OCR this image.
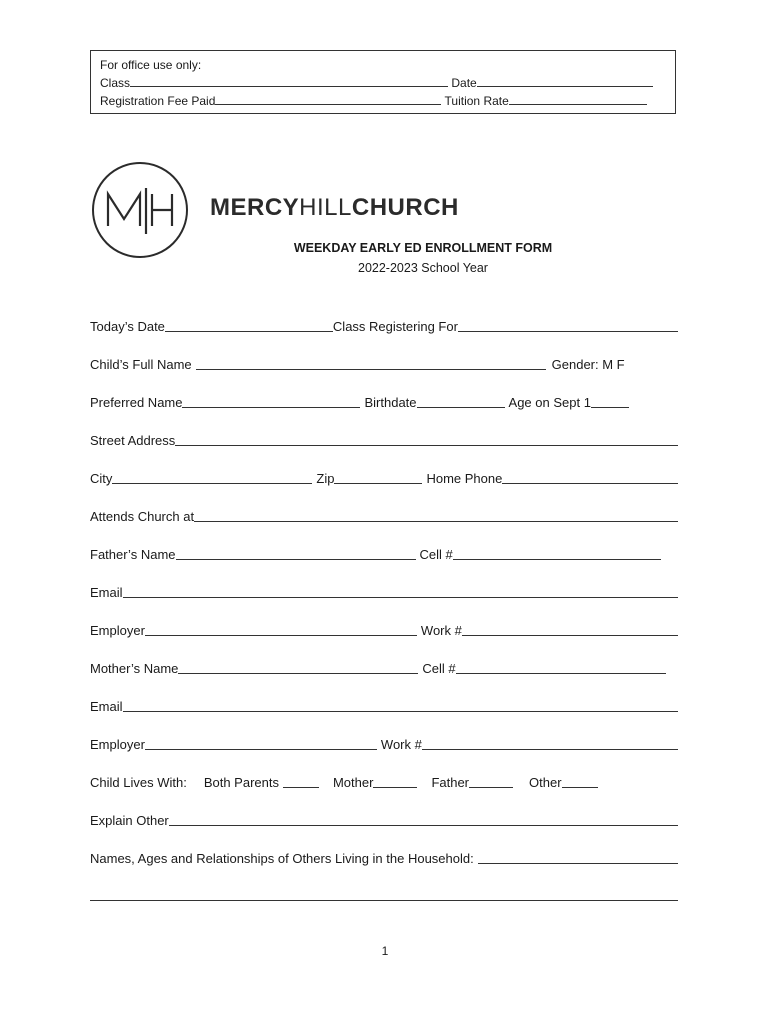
For office use only:
Class	Date
Registration Fee Paid	Tuition Rate
MERCYHILLCHURCH
WEEKDAY EARLY ED ENROLLMENT FORM
2022-2023 School Year
Today’s Date	Class Registering For
Child’s Full Name	Gender: M F
Preferred Name	Birthdate	Age on Sept 1
Street Address
City	Zip	Home Phone
Attends Church at
Father’s Name	Cell #
Email
Employer	Work #
Mother’s Name	Cell #
Email
Employer	Work #
Child Lives With: Both Parents	Mother	Father	Other
Explain Other
Names, Ages and Relationships of Others Living in the Household:
1
